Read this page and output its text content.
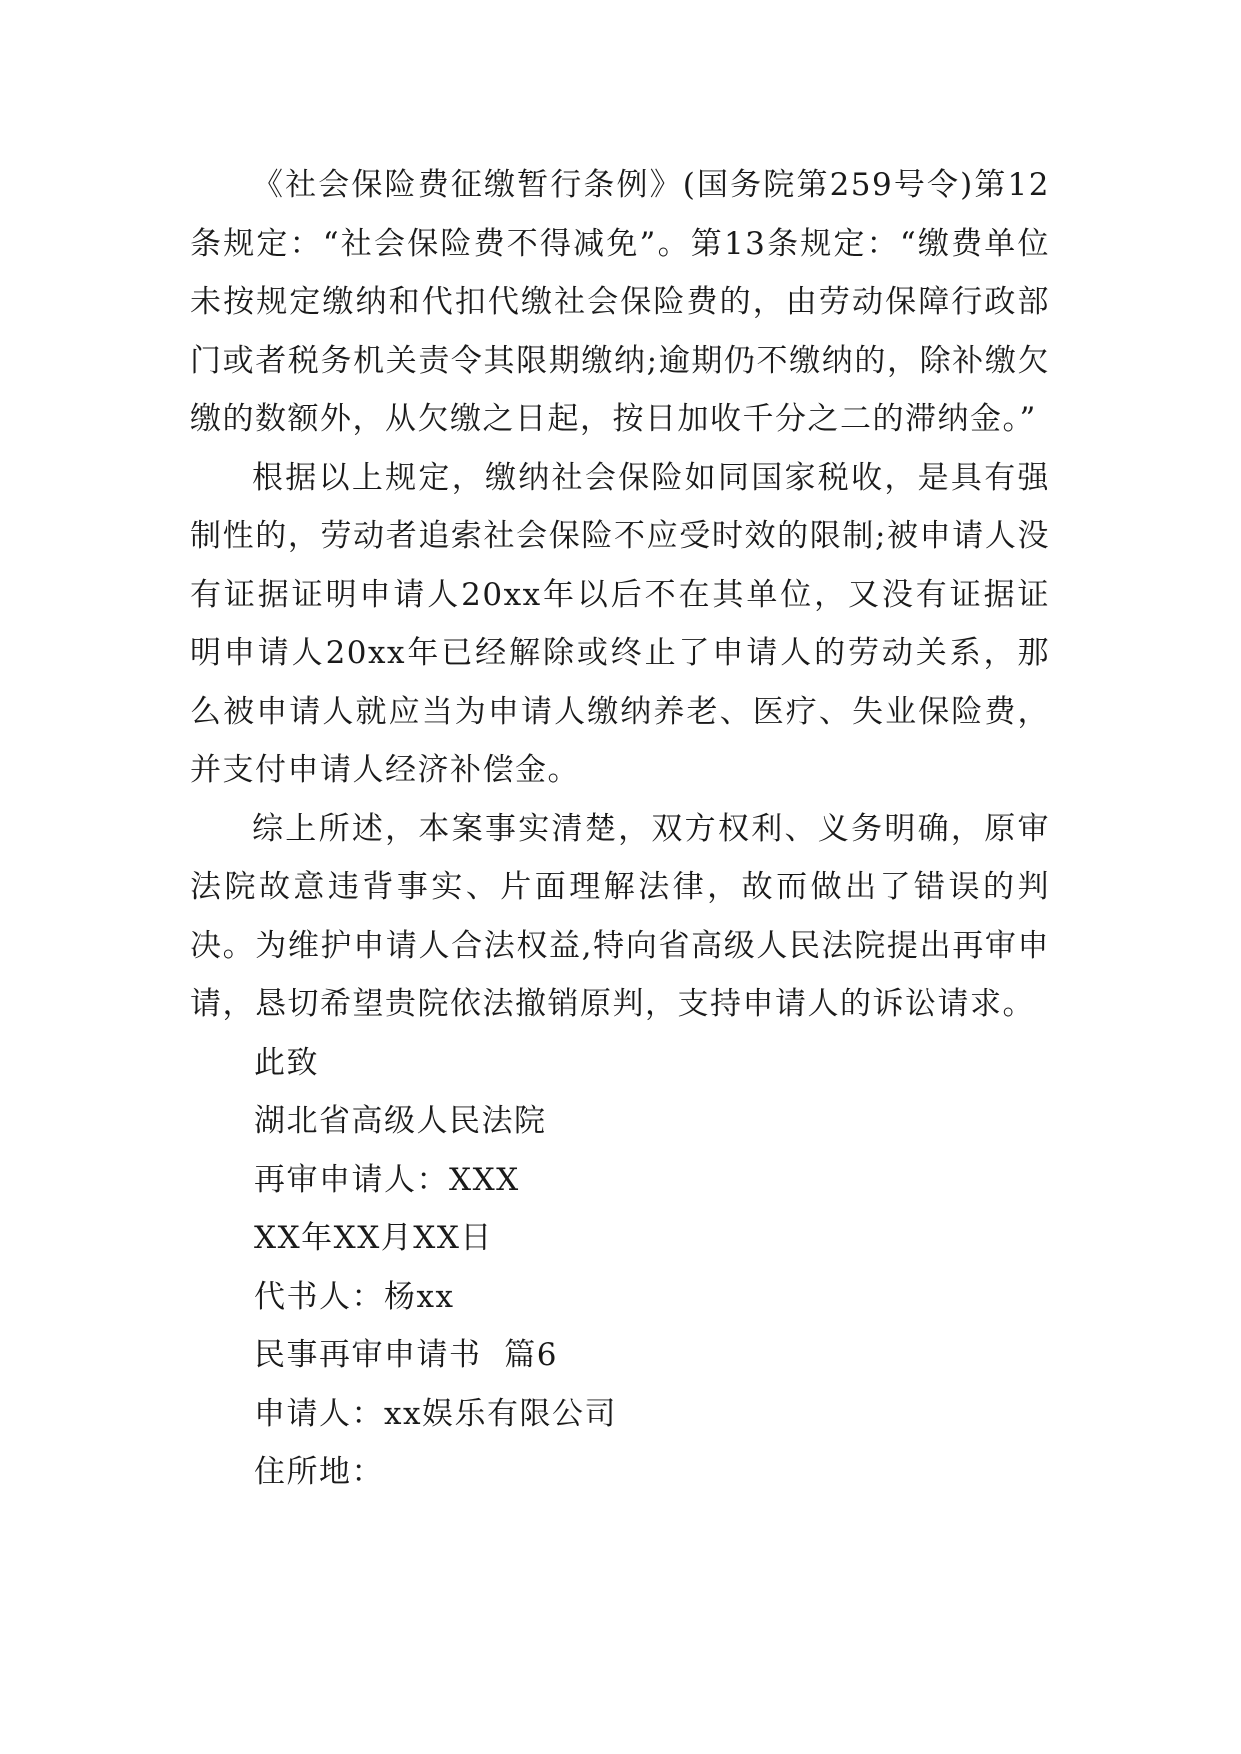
《社会保险费征缴暂行条例》(国务院第259号令)第12条规定：“社会保险费不得减免”。第13条规定：“缴费单位未按规定缴纳和代扣代缴社会保险费的，由劳动保障行政部门或者税务机关责令其限期缴纳;逾期仍不缴纳的，除补缴欠缴的数额外，从欠缴之日起，按日加收千分之二的滞纳金。”

根据以上规定，缴纳社会保险如同国家税收，是具有强制性的，劳动者追索社会保险不应受时效的限制;被申请人没有证据证明申请人20xx年以后不在其单位，又没有证据证明申请人20xx年已经解除或终止了申请人的劳动关系，那么被申请人就应当为申请人缴纳养老、医疗、失业保险费，并支付申请人经济补偿金。

综上所述，本案事实清楚，双方权利、义务明确，原审法院故意违背事实、片面理解法律，故而做出了错误的判决。为维护申请人合法权益,特向省高级人民法院提出再审申请，恳切希望贵院依法撤销原判，支持申请人的诉讼请求。

此致
湖北省高级人民法院
再审申请人：XXX
XX年XX月XX日
代书人：杨xx
民事再审申请书  篇6
申请人：xx娱乐有限公司
住所地：
